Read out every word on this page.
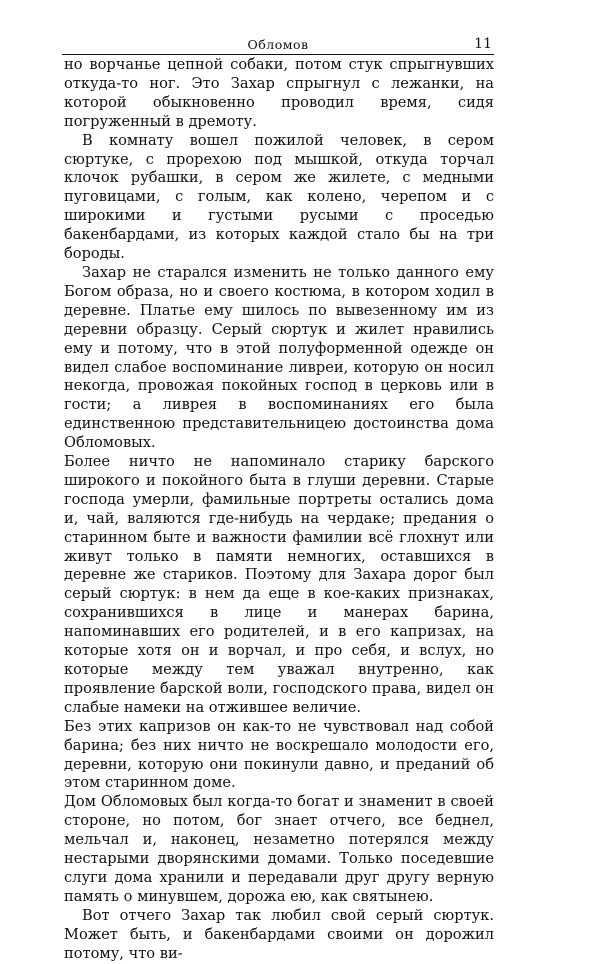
Обломов	11

но ворчанье цепной собаки, потом стук спрыгнувших откуда-то ног. Это Захар спрыгнул с лежанки, на которой обыкновенно проводил время, сидя погруженный в дремоту.

В комнату вошел пожилой человек, в сером сюртуке, с прорехою под мышкой, откуда торчал клочок рубашки, в сером же жилете, с медными пуговицами, с голым, как колено, черепом и с широкими и густыми русыми с проседью бакенбардами, из которых каждой стало бы на три бороды.

Захар не старался изменить не только данного ему Богом образа, но и своего костюма, в котором ходил в деревне. Платье ему шилось по вывезенному им из деревни образцу. Серый сюртук и жилет нравились ему и потому, что в этой полуформенной одежде он видел слабое воспоминание ливреи, которую он носил некогда, провожая покойных господ в церковь или в гости; а ливрея в воспоминаниях его была единственною представительницею достоинства дома Обломовых.

Более ничто не напоминало старику барского широкого и покойного быта в глуши деревни. Старые господа умерли, фамильные портреты остались дома и, чай, валяются где-нибудь на чердаке; предания о старинном быте и важности фамилии всё глохнут или живут только в памяти немногих, оставшихся в деревне же стариков. Поэтому для Захара дорог был серый сюртук: в нем да еще в кое-каких признаках, сохранившихся в лице и манерах барина, напоминавших его родителей, и в его капризах, на которые хотя он и ворчал, и про себя, и вслух, но которые между тем уважал внутренно, как проявление барской воли, господского права, видел он слабые намеки на отжившее величие.

Без этих капризов он как-то не чувствовал над собой барина; без них ничто не воскрешало молодости его, деревни, которую они покинули давно, и преданий об этом старинном доме.

Дом Обломовых был когда-то богат и знаменит в своей стороне, но потом, бог знает отчего, все беднел, мельчал и, наконец, незаметно потерялся между нестарыми дворянскими домами. Только поседевшие слуги дома хранили и передавали друг другу верную память о минувшем, дорожа ею, как святынею.

Вот отчего Захар так любил свой серый сюртук. Может быть, и бакенбардами своими он дорожил потому, что ви-
